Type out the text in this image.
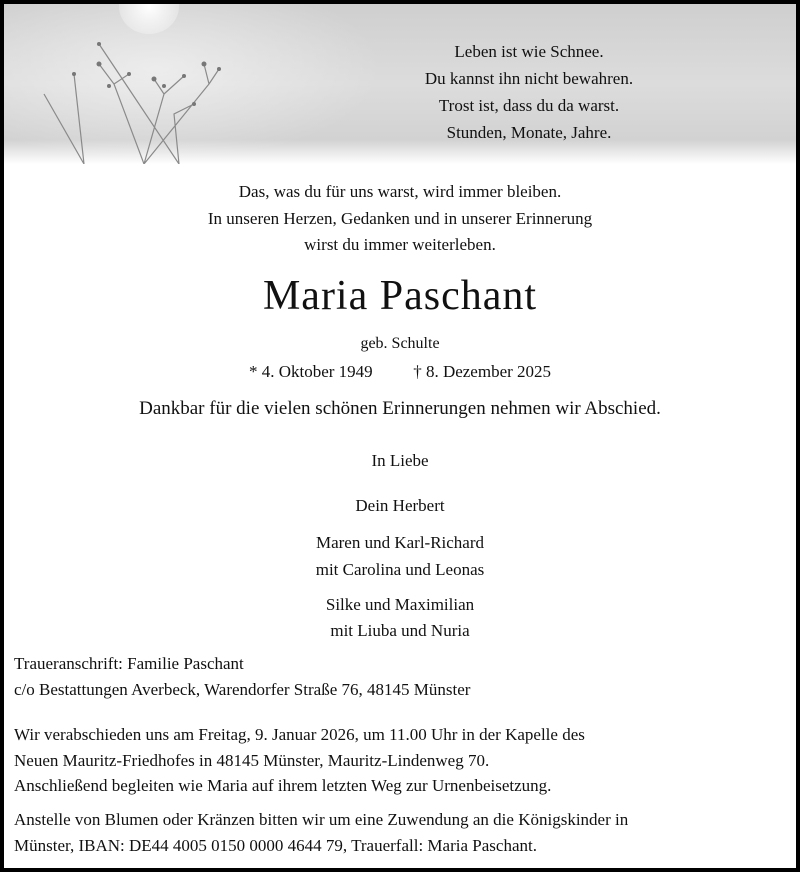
Leben ist wie Schnee.
Du kannst ihn nicht bewahren.
Trost ist, dass du da warst.
Stunden, Monate, Jahre.
Das, was du für uns warst, wird immer bleiben.
In unseren Herzen, Gedanken und in unserer Erinnerung
wirst du immer weiterleben.
Maria Paschant
geb. Schulte
* 4. Oktober 1949 † 8. Dezember 2025
Dankbar für die vielen schönen Erinnerungen nehmen wir Abschied.
In Liebe
Dein Herbert
Maren und Karl-Richard
mit Carolina und Leonas
Silke und Maximilian
mit Liuba und Nuria
Traueranschrift: Familie Paschant
c/o Bestattungen Averbeck, Warendorfer Straße 76, 48145 Münster
Wir verabschieden uns am Freitag, 9. Januar 2026, um 11.00 Uhr in der Kapelle des
Neuen Mauritz-Friedhofes in 48145 Münster, Mauritz-Lindenweg 70.
Anschließend begleiten wie Maria auf ihrem letzten Weg zur Urnenbeisetzung.
Anstelle von Blumen oder Kränzen bitten wir um eine Zuwendung an die Königskinder in
Münster, IBAN: DE44 4005 0150 0000 4644 79, Trauerfall: Maria Paschant.
